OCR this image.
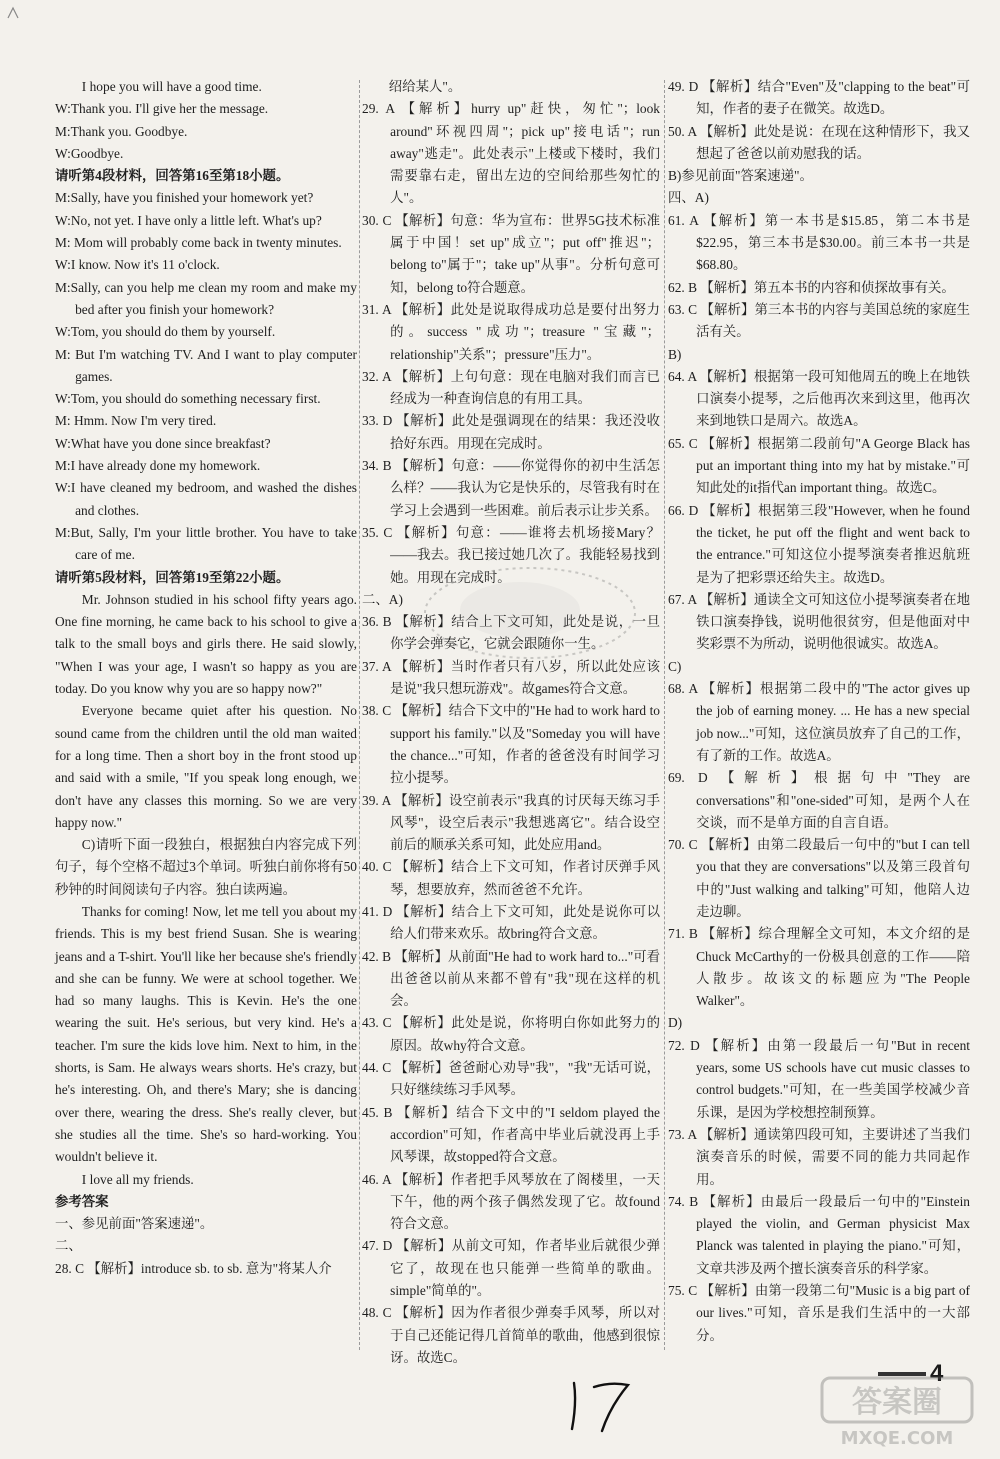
I hope you will have a good time.

W:Thank you. I'll give her the message.

M:Thank you. Goodbye.

W:Goodbye.

请听第4段材料，回答第16至第18小题。

M:Sally, have you finished your homework yet?

W:No, not yet. I have only a little left. What's up?

M: Mom will probably come back in twenty minutes.

W:I know. Now it's 11 o'clock.

M:Sally, can you help me clean my room and make my bed after you finish your homework?

W:Tom, you should do them by yourself.

M: But I'm watching TV. And I want to play computer games.

W:Tom, you should do something necessary first.

M: Hmm. Now I'm very tired.

W:What have you done since breakfast?

M:I have already done my homework.

W:I have cleaned my bedroom, and washed the dishes and clothes.

M:But, Sally, I'm your little brother. You have to take care of me.

请听第5段材料，回答第19至第22小题。

Mr. Johnson studied in his school fifty years ago. One fine morning, he came back to his school to give a talk to the small boys and girls there. He said slowly, "When I was your age, I wasn't so happy as you are today. Do you know why you are so happy now?"

Everyone became quiet after his question. No sound came from the children until the old man waited for a long time. Then a short boy in the front stood up and said with a smile, "If you speak long enough, we don't have any classes this morning. So we are very happy now."

C)请听下面一段独白，根据独白内容完成下列句子，每个空格不超过3个单词。听独白前你将有50秒钟的时间阅读句子内容。独白读两遍。

Thanks for coming! Now, let me tell you about my friends. This is my best friend Susan. She is wearing jeans and a T-shirt. You'll like her because she's friendly and she can be funny. We were at school together. We had so many laughs. This is Kevin. He's the one wearing the suit. He's serious, but very kind. He's a teacher. I'm sure the kids love him. Next to him, in the shorts, is Sam. He always wears shorts. He's crazy, but he's interesting. Oh, and there's Mary; she is dancing over there, wearing the dress. She's really clever, but she studies all the time. She's so hard-working. You wouldn't believe it.

I love all my friends.

参考答案

一、参见前面"答案速递"。

二、

28. C 【解析】introduce sb. to sb. 意为"将某人介

绍给某人"。

29. A 【解析】hurry up"赶快，匆忙"；look around"环视四周"；pick up"接电话"；run away"逃走"。此处表示"上楼或下楼时，我们需要靠右走，留出左边的空间给那些匆忙的人"。

30. C 【解析】句意：华为宣布：世界5G技术标准属于中国！set up"成立"；put off"推迟"；belong to"属于"；take up"从事"。分析句意可知，belong to符合题意。

31. A 【解析】此处是说取得成功总是要付出努力的。success "成功"；treasure "宝藏"；relationship"关系"；pressure"压力"。

32. A 【解析】上句句意：现在电脑对我们而言已经成为一种查询信息的有用工具。

33. D 【解析】此处是强调现在的结果：我还没收拾好东西。用现在完成时。

34. B 【解析】句意：——你觉得你的初中生活怎么样？——我认为它是快乐的，尽管我有时在学习上会遇到一些困难。前后表示让步关系。

35. C 【解析】句意：——谁将去机场接Mary？——我去。我已接过她几次了。我能轻易找到她。用现在完成时。

二、A)

36. B 【解析】结合上下文可知，此处是说，一旦你学会弹奏它，它就会跟随你一生。

37. A 【解析】当时作者只有八岁，所以此处应该是说"我只想玩游戏"。故games符合文意。

38. C 【解析】结合下文中的"He had to work hard to support his family."以及"Someday you will have the chance..."可知，作者的爸爸没有时间学习拉小提琴。

39. A 【解析】设空前表示"我真的讨厌每天练习手风琴"，设空后表示"我想逃离它"。结合设空前后的顺承关系可知，此处应用and。

40. C 【解析】结合上下文可知，作者讨厌弹手风琴，想要放弃，然而爸爸不允许。

41. D 【解析】结合上下文可知，此处是说你可以给人们带来欢乐。故bring符合文意。

42. B 【解析】从前面"He had to work hard to..."可看出爸爸以前从来都不曾有"我"现在这样的机会。

43. C 【解析】此处是说，你将明白你如此努力的原因。故why符合文意。

44. C 【解析】爸爸耐心劝导"我"，"我"无话可说，只好继续练习手风琴。

45. B 【解析】结合下文中的"I seldom played the accordion"可知，作者高中毕业后就没再上手风琴课，故stopped符合文意。

46. A 【解析】作者把手风琴放在了阁楼里，一天下午，他的两个孩子偶然发现了它。故found符合文意。

47. D 【解析】从前文可知，作者毕业后就很少弹它了，故现在也只能弹一些简单的歌曲。simple"简单的"。

48. C 【解析】因为作者很少弹奏手风琴，所以对于自己还能记得几首简单的歌曲，他感到很惊讶。故选C。

49. D 【解析】结合"Even"及"clapping to the beat"可知，作者的妻子在微笑。故选D。

50. A 【解析】此处是说：在现在这种情形下，我又想起了爸爸以前劝慰我的话。

B)参见前面"答案速递"。

四、A)

61. A 【解析】第一本书是$15.85，第二本书是$22.95，第三本书是$30.00。前三本书一共是$68.80。

62. B 【解析】第五本书的内容和侦探故事有关。

63. C 【解析】第三本书的内容与美国总统的家庭生活有关。

B)

64. A 【解析】根据第一段可知他周五的晚上在地铁口演奏小提琴，之后他再次来到这里，他再次来到地铁口是周六。故选A。

65. C 【解析】根据第二段前句"A George Black has put an important thing into my hat by mistake."可知此处的it指代an important thing。故选C。

66. D 【解析】根据第三段"However, when he found the ticket, he put off the flight and went back to the entrance."可知这位小提琴演奏者推迟航班是为了把彩票还给失主。故选D。

67. A 【解析】通读全文可知这位小提琴演奏者在地铁口演奏挣钱，说明他很贫穷，但是他面对中奖彩票不为所动，说明他很诚实。故选A。

C)

68. A 【解析】根据第二段中的"The actor gives up the job of earning money. ... He has a new special job now..."可知，这位演员放弃了自己的工作，有了新的工作。故选A。

69. D 【解析】根据句中"They are conversations"和"one-sided"可知，是两个人在交谈，而不是单方面的自言自语。

70. C 【解析】由第二段最后一句中的"but I can tell you that they are conversations"以及第三段首句中的"Just walking and talking"可知，他陪人边走边聊。

71. B 【解析】综合理解全文可知，本文介绍的是Chuck McCarthy的一份极具创意的工作——陪人散步。故该文的标题应为"The People Walker"。

D)

72. D 【解析】由第一段最后一句"But in recent years, some US schools have cut music classes to control budgets."可知，在一些美国学校减少音乐课，是因为学校想控制预算。

73. A 【解析】通读第四段可知，主要讲述了当我们演奏音乐的时候，需要不同的能力共同起作用。

74. B 【解析】由最后一段最后一句中的"Einstein played the violin, and German physicist Max Planck was talented in playing the piano."可知，文章共涉及两个擅长演奏音乐的科学家。

75. C 【解析】由第一段第二句"Music is a big part of our lives."可知，音乐是我们生活中的一大部分。

4
答案圈
MXQE.COM
